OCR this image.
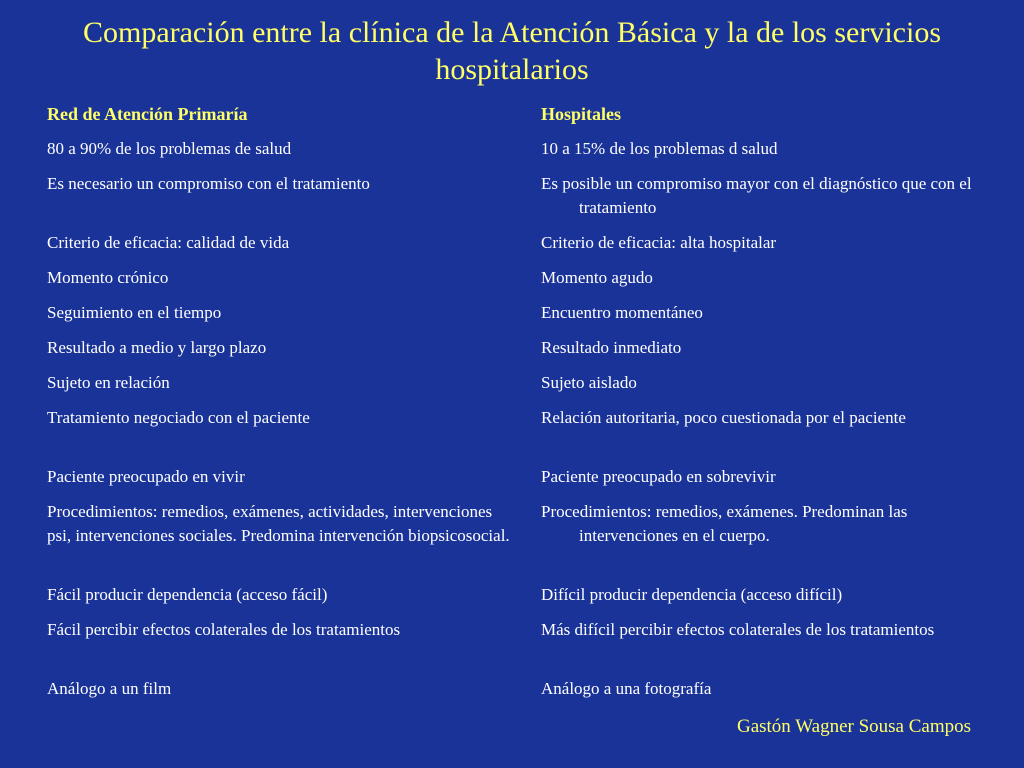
Comparación entre la clínica de la Atención Básica y la de los servicios hospitalarios
Red de Atención Primaría
80 a 90% de los problemas de salud
Es necesario un compromiso con el tratamiento
Criterio de eficacia: calidad de vida
Momento crónico
Seguimiento en el tiempo
Resultado a medio y largo plazo
Sujeto en relación
Tratamiento negociado con el paciente
Paciente preocupado en vivir
Procedimientos: remedios, exámenes, actividades, intervenciones psi, intervenciones sociales. Predomina intervención biopsicosocial.
Fácil producir dependencia (acceso fácil)
Fácil percibir efectos colaterales de los tratamientos
Análogo a un film
Hospitales
10 a 15% de los problemas d salud
Es posible un compromiso mayor con el diagnóstico que con el tratamiento
Criterio de eficacia: alta hospitalar
Momento agudo
Encuentro momentáneo
Resultado inmediato
Sujeto aislado
Relación autoritaria, poco cuestionada por el paciente
Paciente preocupado en sobrevivir
Procedimientos: remedios, exámenes. Predominan las intervenciones en el cuerpo.
Difícil producir dependencia (acceso difícil)
Más difícil percibir efectos colaterales de los tratamientos
Análogo a una fotografía
Gastón Wagner Sousa Campos
